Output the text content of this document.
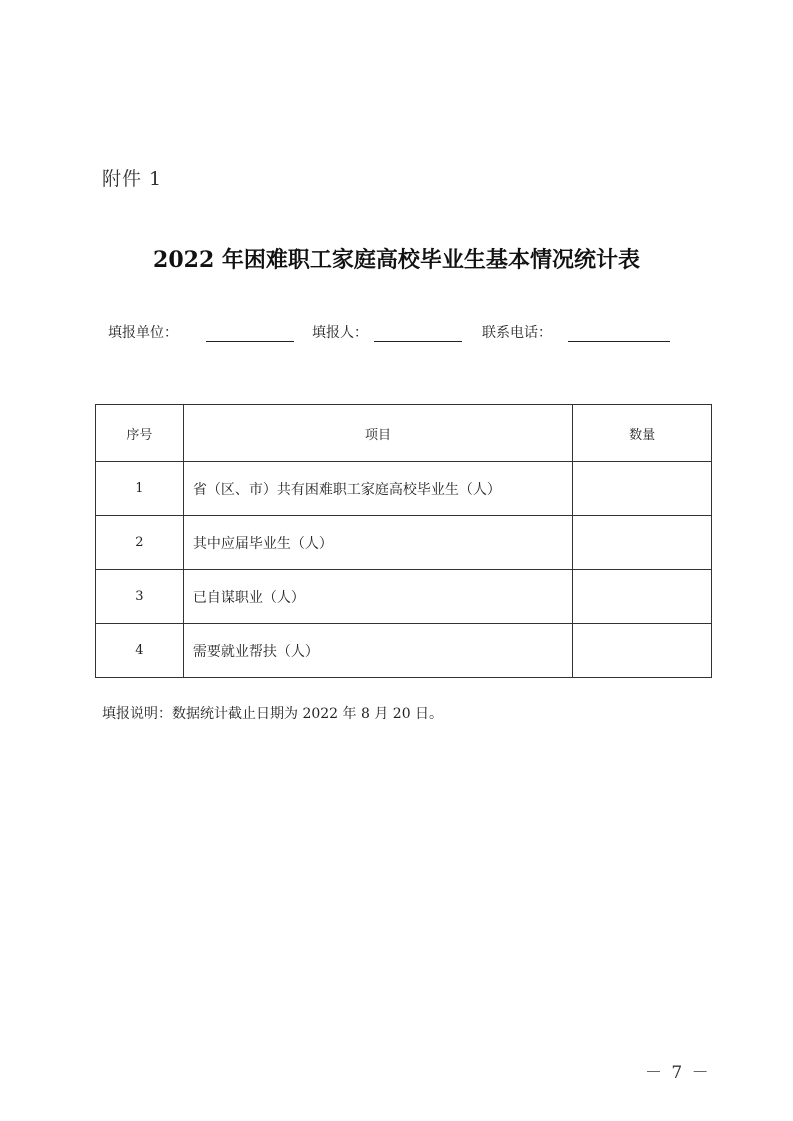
附件 1
2022 年困难职工家庭高校毕业生基本情况统计表
填报单位：	填报人：	联系电话：
序号	项目	数量
1	省（区、市）共有困难职工家庭高校毕业生（人）	
2	其中应届毕业生（人）	
3	已自谋职业（人）	
4	需要就业帮扶（人）	
填报说明：数据统计截止日期为 2022 年 8 月 20 日。
－ 7 －
